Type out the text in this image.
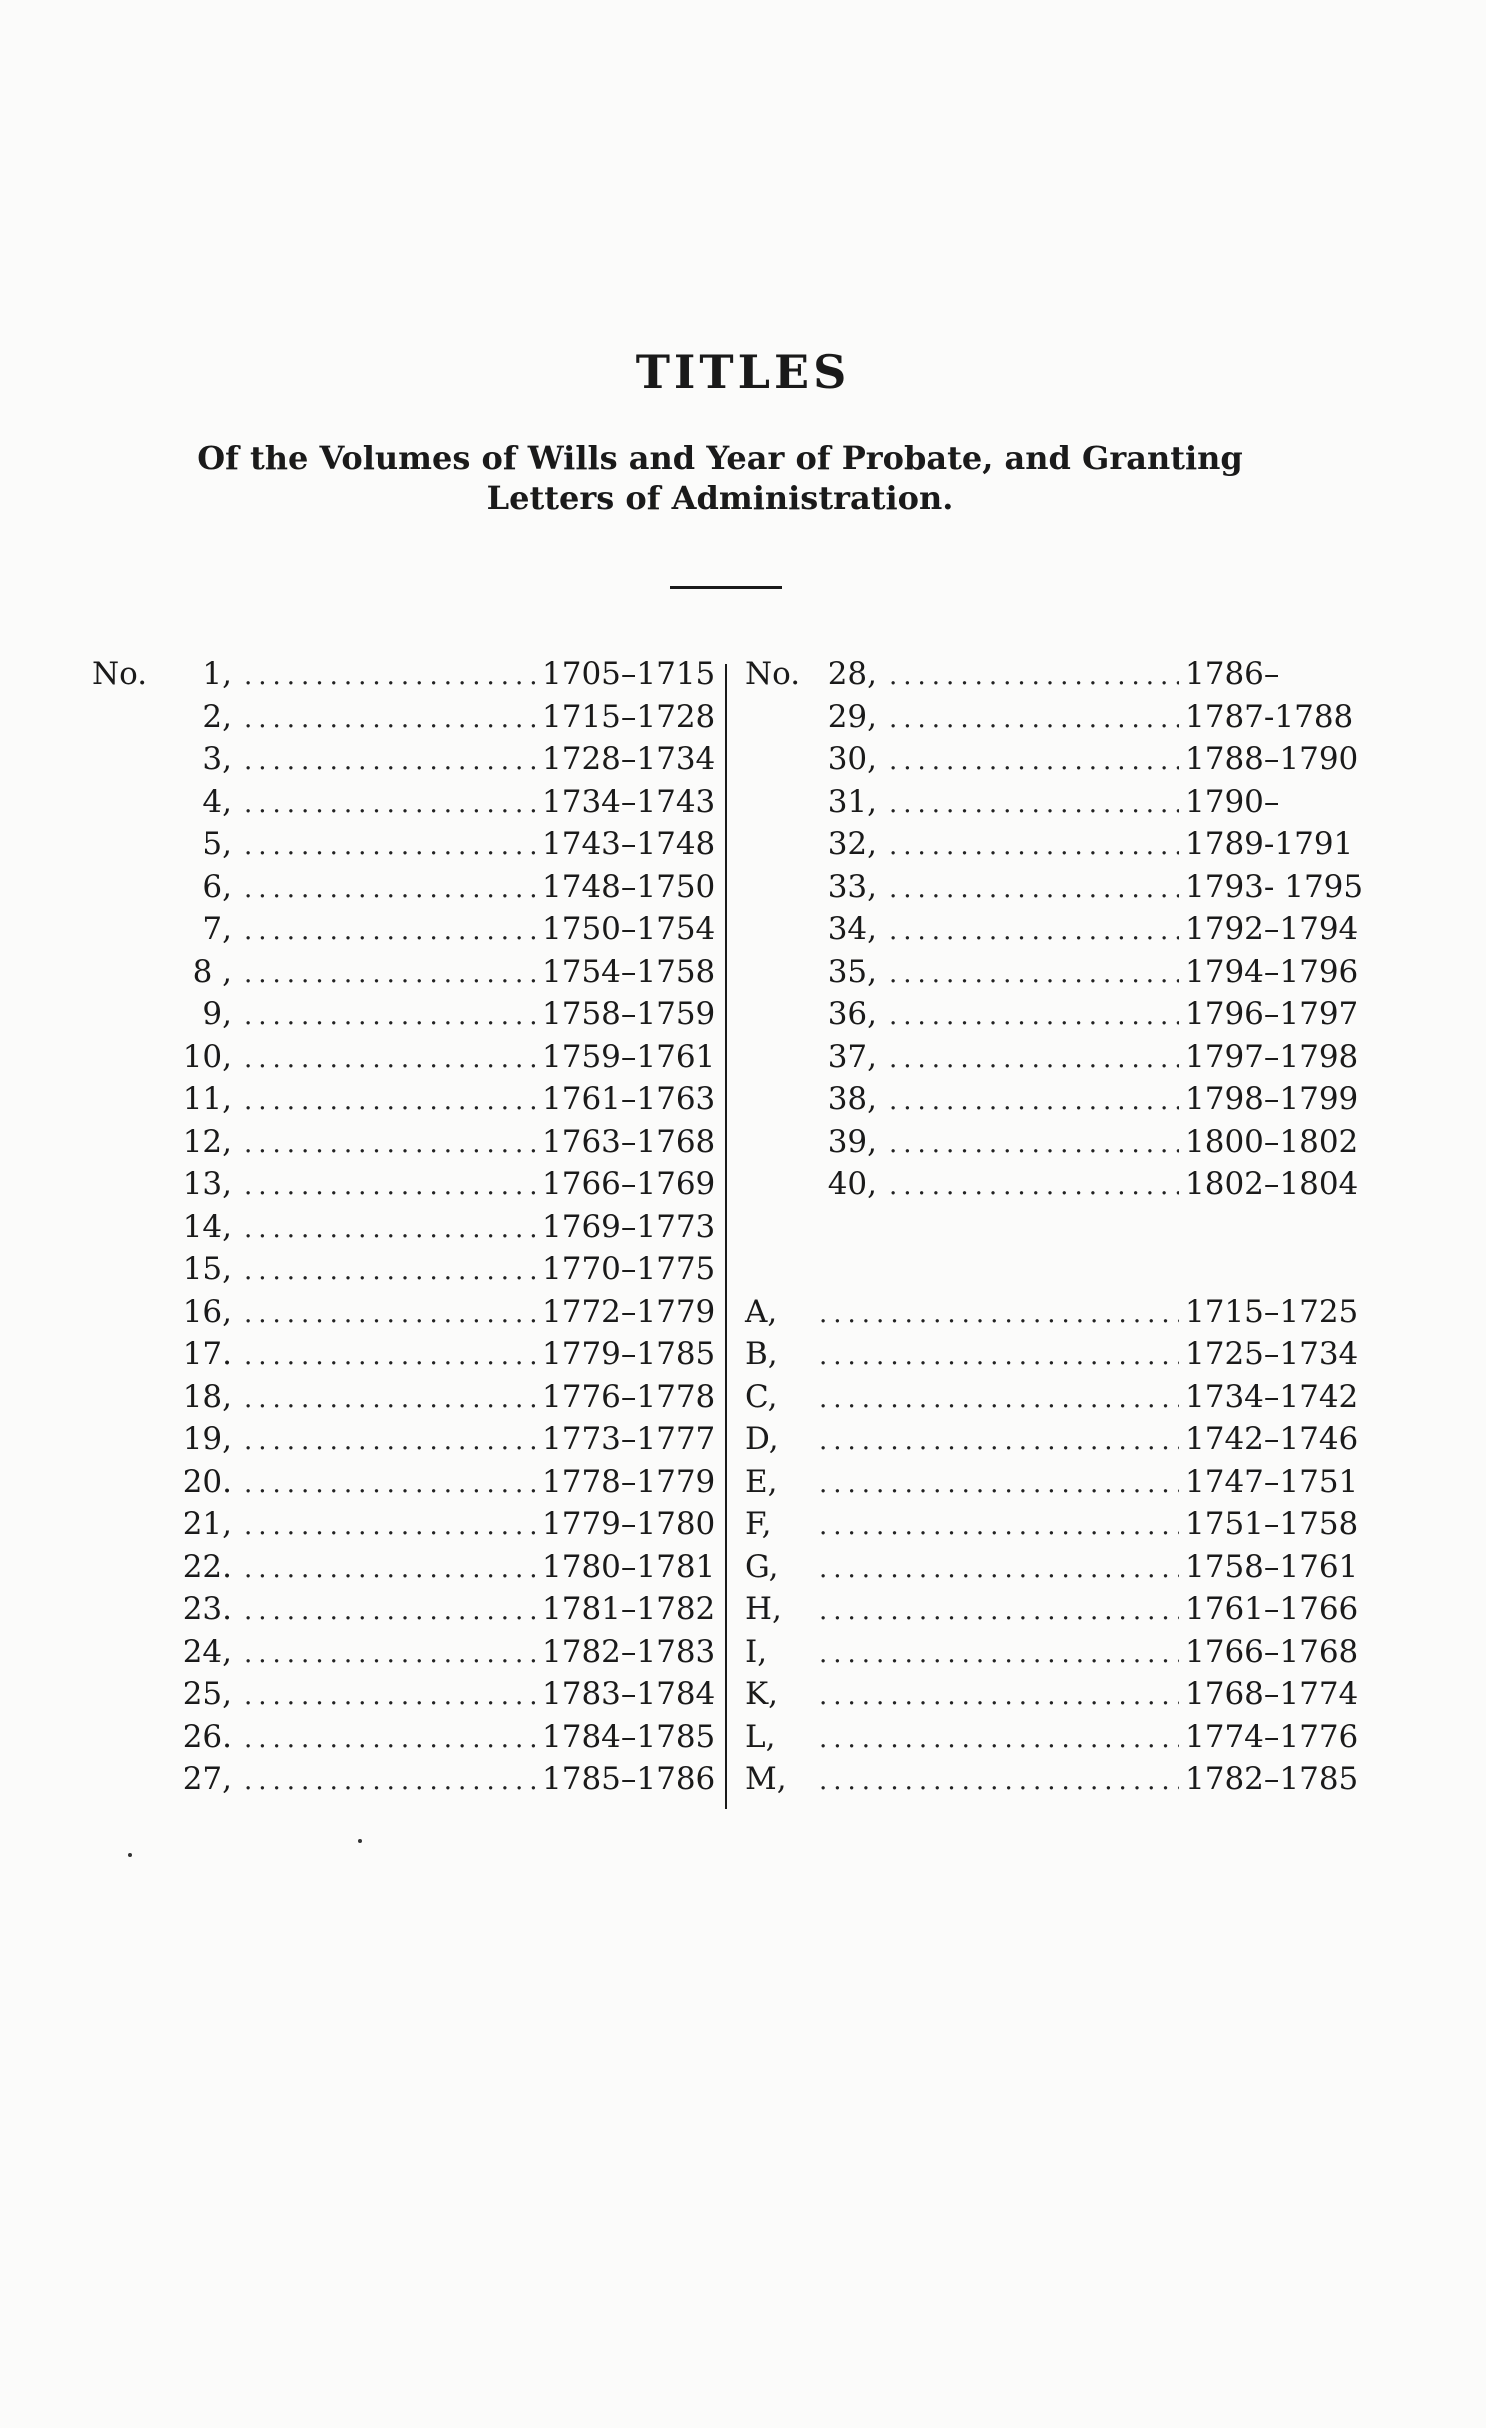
TITLES

Of the Volumes of Wills and Year of Probate, and Granting Letters of Administration.

No.	1, .....	1705–1715
2, .....	1715–1728
3, .....	1728–1734
4, .....	1734–1743
5, .....	1743–1748
6, .....	1748–1750
7, .....	1750–1754
8 , .....	1754–1758
9, .....	1758–1759
10, .....	1759–1761
11, .....	1761–1763
12, .....	1763–1768
13, .....	1766–1769
14, .....	1769–1773
15, .....	1770–1775
16, .....	1772–1779
17. .....	1779–1785
18, .....	1776–1778
19, .....	1773–1777
20. .....	1778–1779
21, .....	1779–1780
22. .....	1780–1781
23. .....	1781–1782
24, .....	1782–1783
25, .....	1783–1784
26. .....	1784–1785
27, .....	1785–1786
No. 28, .....	1786–
29, .....	1787-1788
30, .....	1788–1790
31, .....	1790–
32, .....	1789-1791
33, .....	1793- 1795
34, .....	1792–1794
35, .....	1794–1796
36, .....	1796–1797
37, .....	1797–1798
38, .....	1798–1799
39, .....	1800–1802
40, .....	1802–1804
A, .....	1715–1725
B, .....	1725–1734
C, .....	1734–1742
D, .....	1742–1746
E, .....	1747–1751
F, .....	1751–1758
G, .....	1758–1761
H, .....	1761–1766
I, .....	1766–1768
K, .....	1768–1774
L, .....	1774–1776
M, .....	1782–1785
